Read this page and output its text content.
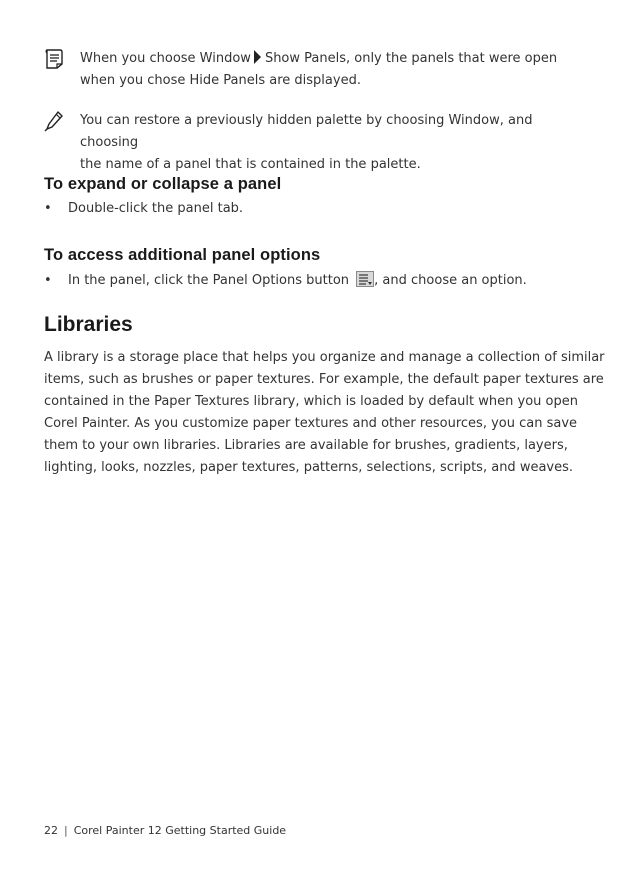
When you choose Window Show Panels, only the panels that were open
when you chose Hide Panels are displayed.
You can restore a previously hidden palette by choosing Window, and choosing
the name of a panel that is contained in the palette.
To expand or collapse a panel
• Double-click the panel tab.
To access additional panel options
• In the panel, click the Panel Options button , and choose an option.
Libraries

A library is a storage place that helps you organize and manage a collection of similar
items, such as brushes or paper textures. For example, the default paper textures are
contained in the Paper Textures library, which is loaded by default when you open
Corel Painter. As you customize paper textures and other resources, you can save
them to your own libraries. Libraries are available for brushes, gradients, layers,
lighting, looks, nozzles, paper textures, patterns, selections, scripts, and weaves.

22 | Corel Painter 12 Getting Started Guide
